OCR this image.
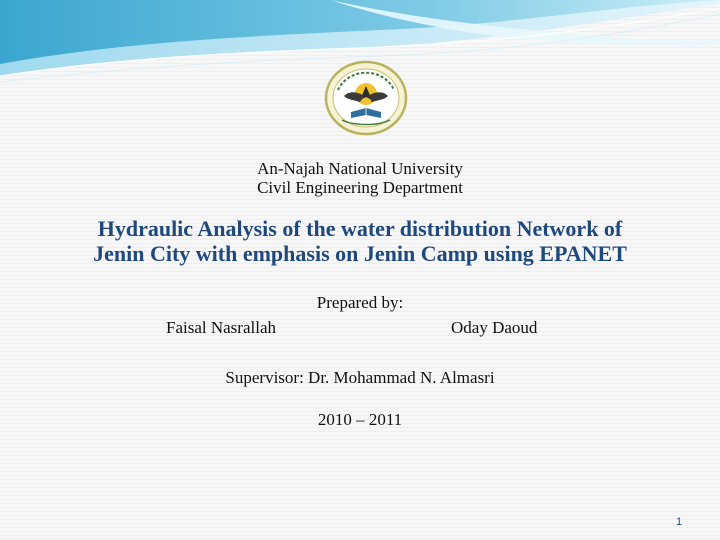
An-Najah National University

Civil Engineering Department

Hydraulic Analysis of the water distribution Network of
Jenin City with emphasis on Jenin Camp using EPANET

Prepared by:

Faisal Nasrallah	Oday Daoud

Supervisor: Dr. Mohammad N. Almasri

2010 – 2011

1
